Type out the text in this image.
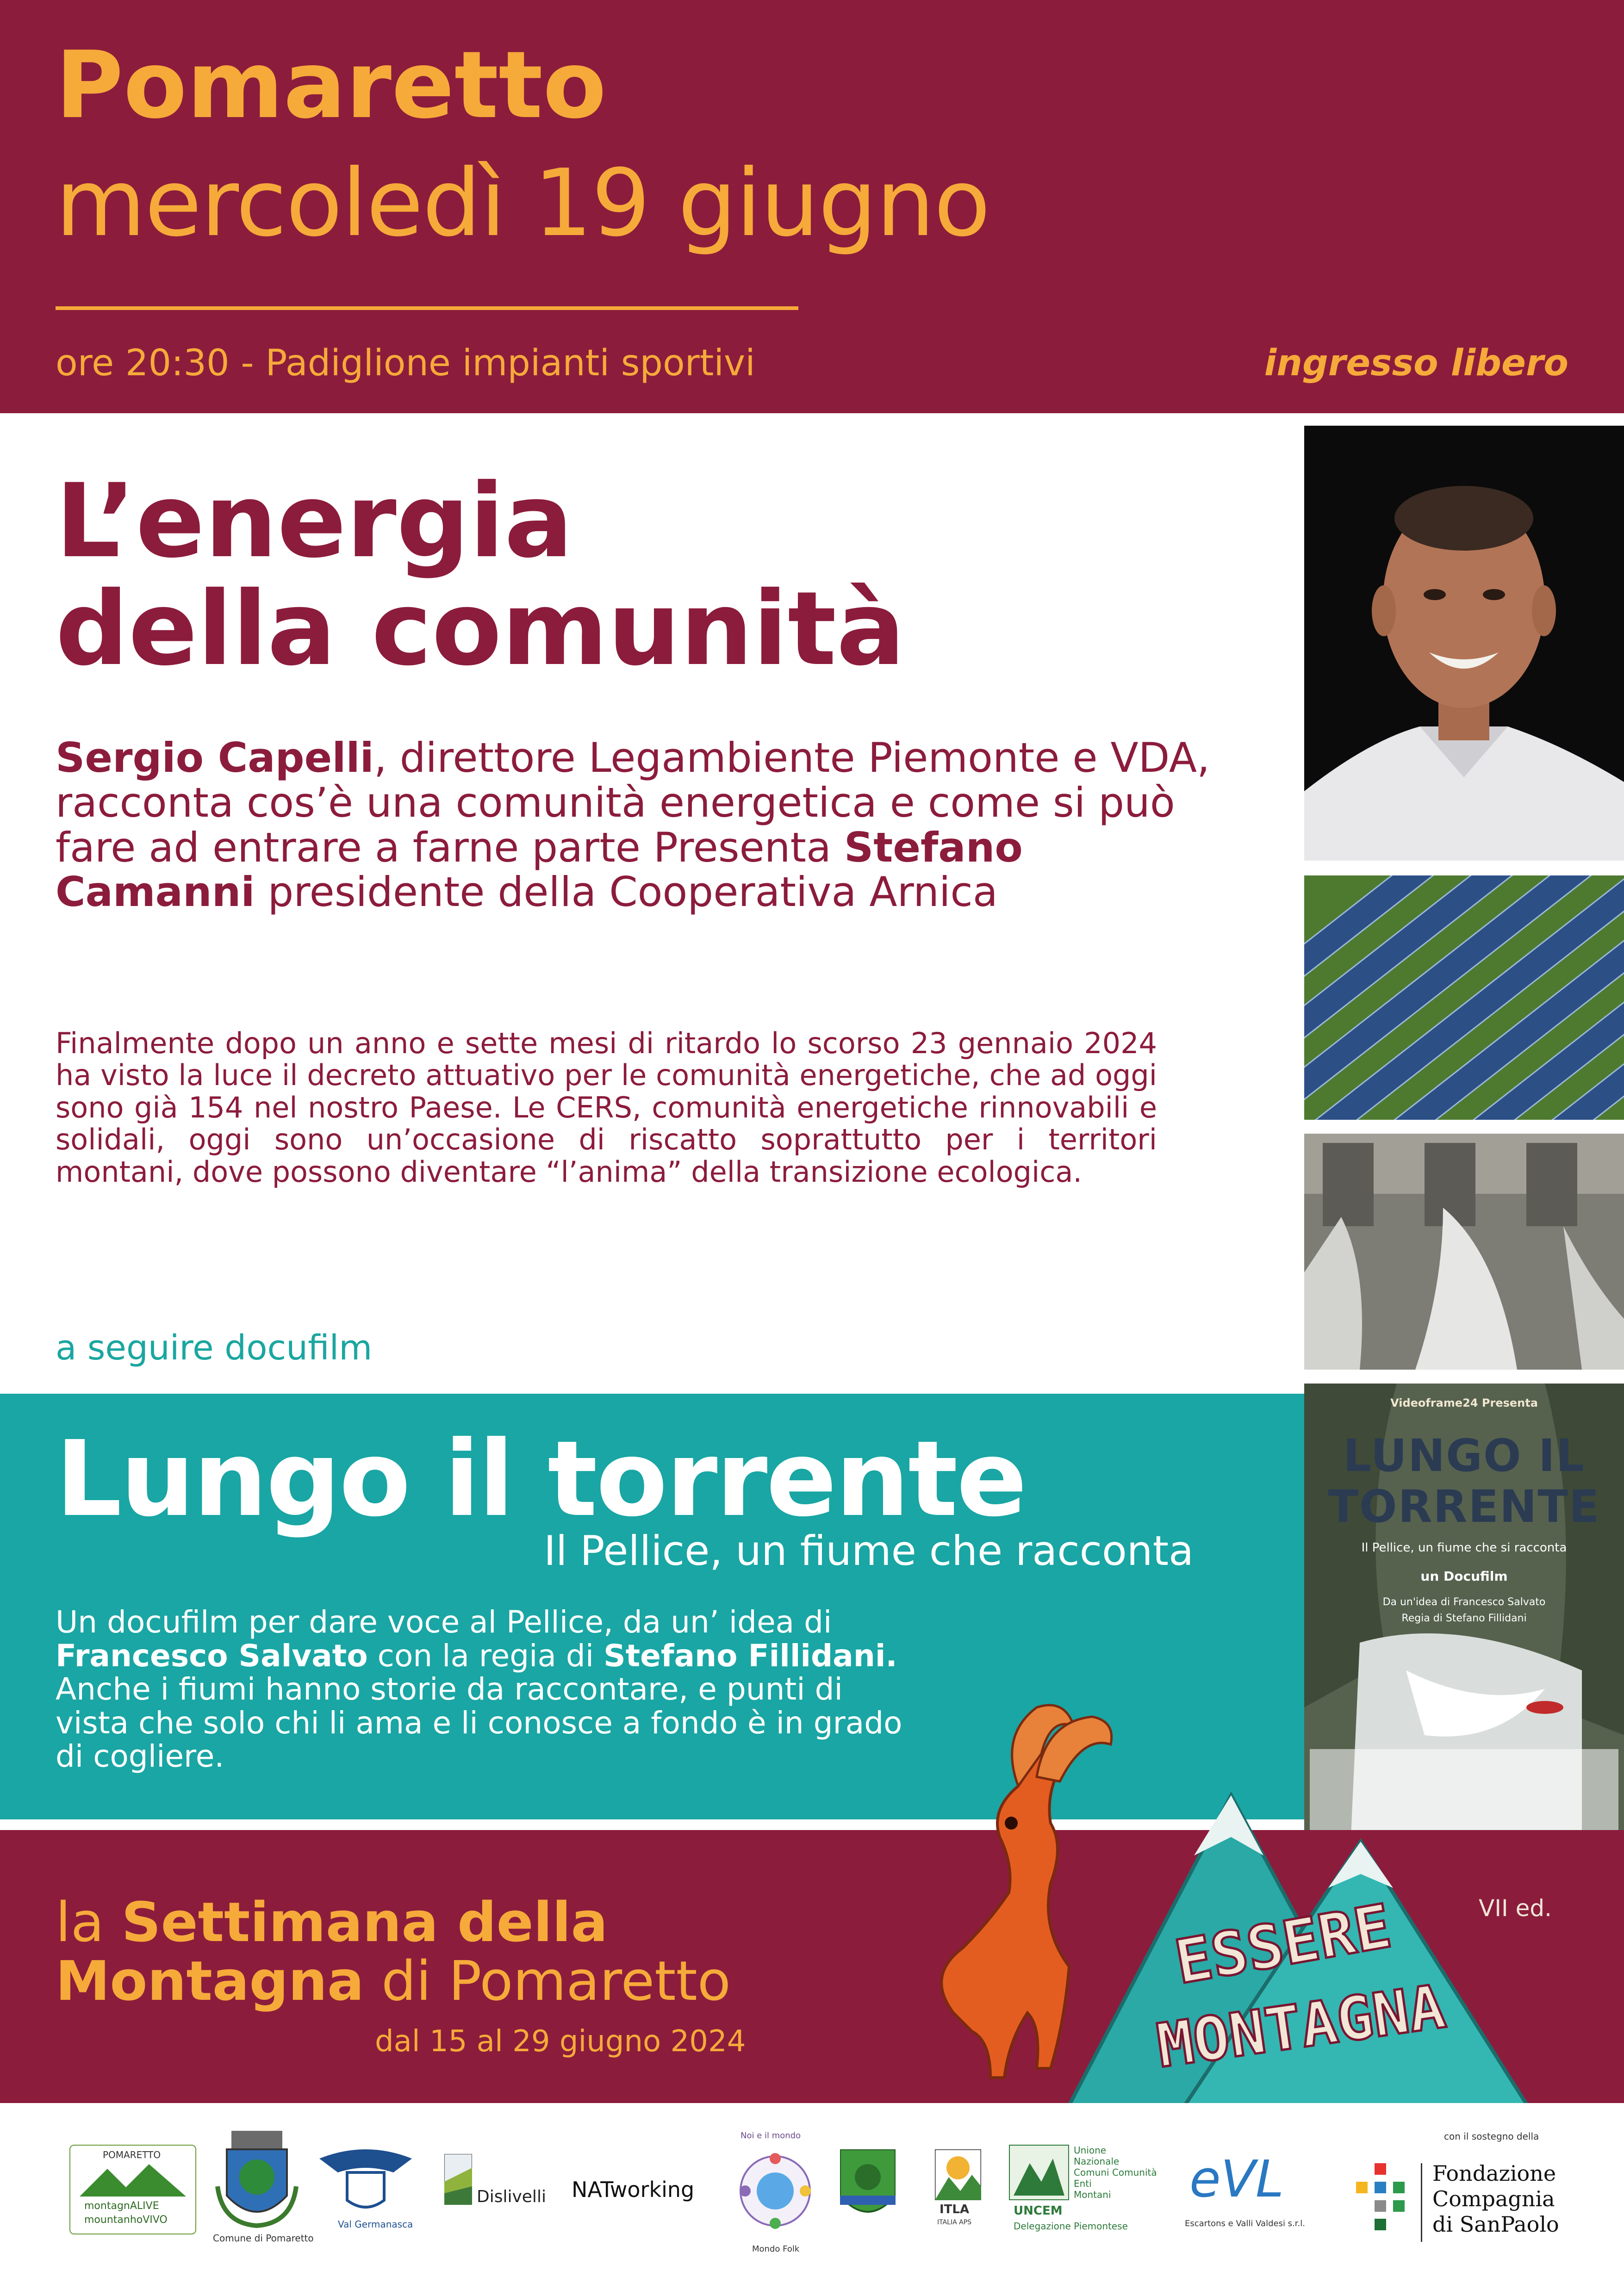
Pomaretto
mercoledì 19 giugno
ore 20:30 - Padiglione impianti sportivi	ingresso libero
L’energia
della comunità
Sergio Capelli, direttore Legambiente Piemonte e VDA, racconta cos’è una comunità energetica e come si può fare ad entrare a farne parte Presenta Stefano Camanni presidente della Cooperativa Arnica
Finalmente dopo un anno e sette mesi di ritardo lo scorso 23 gennaio 2024 ha visto la luce il decreto attuativo per le comunità energetiche, che ad oggi sono già 154 nel nostro Paese. Le CERS, comunità energetiche rinnovabili e solidali, oggi sono un’occasione di riscatto soprattutto per i territori montani, dove possono diventare “l’anima” della transizione ecologica.
a seguire docufilm
Lungo il torrente
Il Pellice, un fiume che racconta
Un docufilm per dare voce al Pellice, da un’ idea di Francesco Salvato con la regia di Stefano Fillidani. Anche i fiumi hanno storie da raccontare, e punti di vista che solo chi li ama e li conosce a fondo è in grado di cogliere.
Videoframe24 Presenta
LUNGO IL
TORRENTE
Il Pellice, un fiume che si racconta
un Docufilm
Da un'idea di Francesco Salvato
Regia di Stefano Fillidani
la Settimana della
Montagna di Pomaretto
dal 15 al 29 giugno 2024
ESSERE
MONTAGNA
VII ed.
POMARETTO
montagnALIVE
mountanhoVIVO
Comune di Pomaretto
Val Germanasca
Dislivelli NATworking
Noi e il mondo
Mondo Folk
ITLA
ITALIA APS
Unione
Nazionale
Comuni Comunità
Enti
Montani
UNCEM
Delegazione Piemontese
eVL
Escartons e Valli Valdesi s.r.l.
con il sostegno della
Fondazione
Compagnia
di SanPaolo
